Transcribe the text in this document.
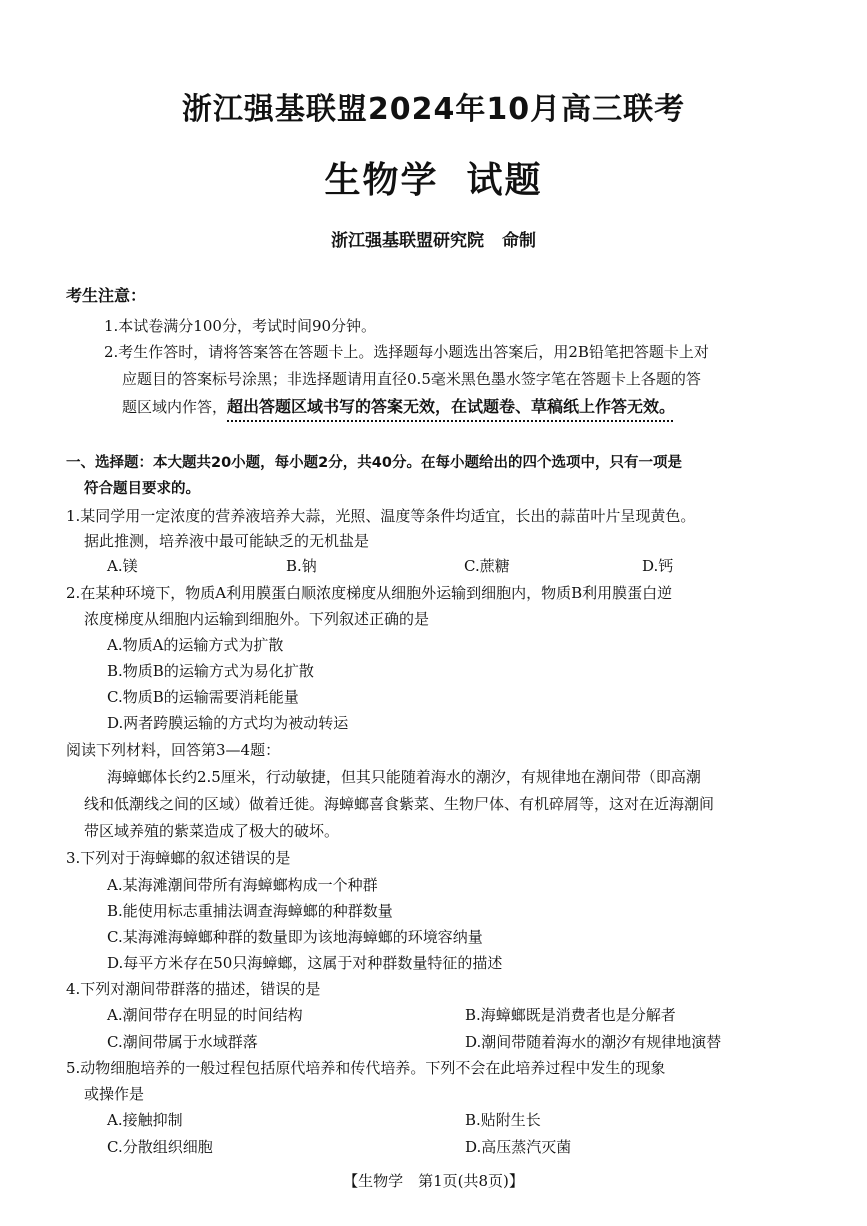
浙江强基联盟2024年10月高三联考
生物学 试题
浙江强基联盟研究院 命制
考生注意：
1.本试卷满分100分，考试时间90分钟。
2.考生作答时，请将答案答在答题卡上。选择题每小题选出答案后，用2B铅笔把答题卡上对
应题目的答案标号涂黑；非选择题请用直径0.5毫米黑色墨水签字笔在答题卡上各题的答
题区域内作答，超出答题区域书写的答案无效，在试题卷、草稿纸上作答无效。
一、选择题：本大题共20小题，每小题2分，共40分。在每小题给出的四个选项中，只有一项是
符合题目要求的。
1.某同学用一定浓度的营养液培养大蒜，光照、温度等条件均适宜，长出的蒜苗叶片呈现黄色。
据此推测，培养液中最可能缺乏的无机盐是
A.镁	B.钠	C.蔗糖	D.钙
2.在某种环境下，物质A利用膜蛋白顺浓度梯度从细胞外运输到细胞内，物质B利用膜蛋白逆
浓度梯度从细胞内运输到细胞外。下列叙述正确的是
A.物质A的运输方式为扩散
B.物质B的运输方式为易化扩散
C.物质B的运输需要消耗能量
D.两者跨膜运输的方式均为被动转运
阅读下列材料，回答第3—4题：
海蟑螂体长约2.5厘米，行动敏捷，但其只能随着海水的潮汐，有规律地在潮间带（即高潮
线和低潮线之间的区域）做着迁徙。海蟑螂喜食紫菜、生物尸体、有机碎屑等，这对在近海潮间
带区域养殖的紫菜造成了极大的破坏。
3.下列对于海蟑螂的叙述错误的是
A.某海滩潮间带所有海蟑螂构成一个种群
B.能使用标志重捕法调查海蟑螂的种群数量
C.某海滩海蟑螂种群的数量即为该地海蟑螂的环境容纳量
D.每平方米存在50只海蟑螂，这属于对种群数量特征的描述
4.下列对潮间带群落的描述，错误的是
A.潮间带存在明显的时间结构	B.海蟑螂既是消费者也是分解者
C.潮间带属于水域群落	D.潮间带随着海水的潮汐有规律地演替
5.动物细胞培养的一般过程包括原代培养和传代培养。下列不会在此培养过程中发生的现象
或操作是
A.接触抑制	B.贴附生长
C.分散组织细胞	D.高压蒸汽灭菌
【生物学　第1页(共8页)】
